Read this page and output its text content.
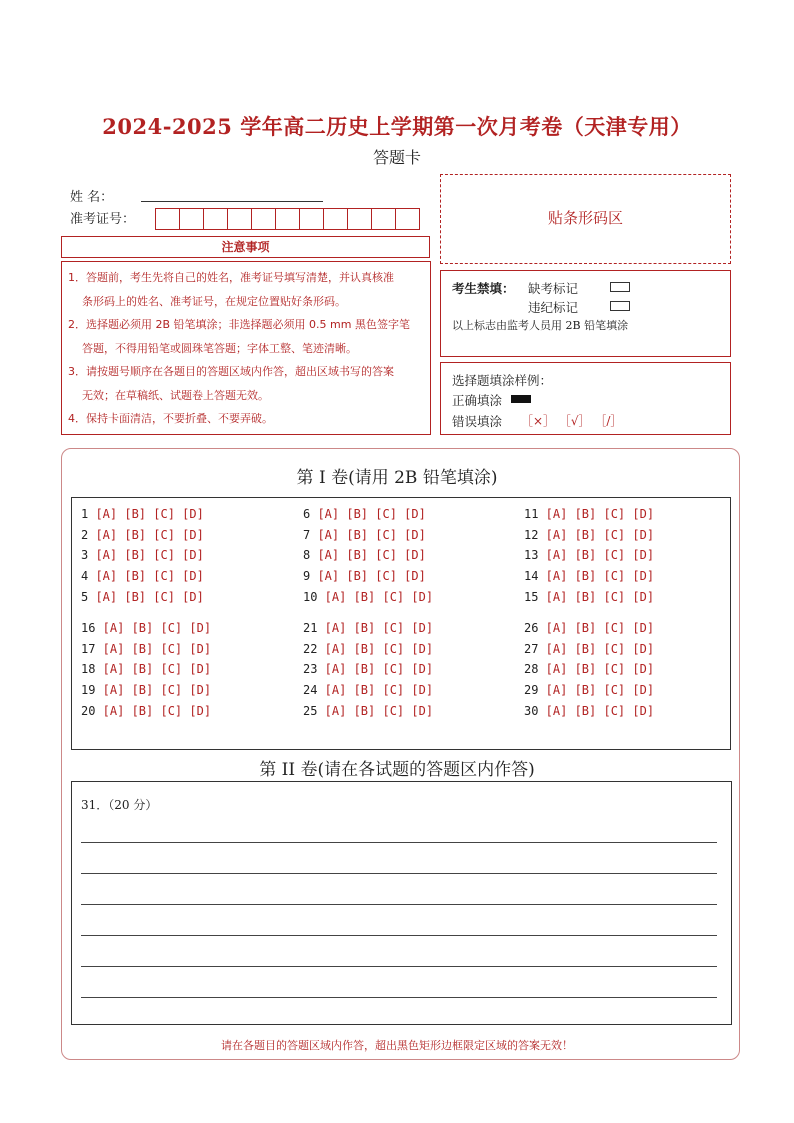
2024-2025 学年高二历史上学期第一次月考卷（天津专用）
答题卡
姓 名：
准考证号：
注意事项

1．答题前，考生先将自己的姓名，准考证号填写清楚，并认真核准

条形码上的姓名、准考证号，在规定位置贴好条形码。

2．选择题必须用 2B 铅笔填涂；非选择题必须用 0.5 mm 黑色签字笔

答题，不得用铅笔或圆珠笔答题；字体工整、笔迹清晰。

3．请按题号顺序在各题目的答题区域内作答，超出区域书写的答案

无效；在草稿纸、试题卷上答题无效。

4．保持卡面清洁，不要折叠、不要弄破。

贴条形码区
考生禁填： 缺考标记
违纪标记
以上标志由监考人员用 2B 铅笔填涂
选择题填涂样例：
正确填涂
错误填涂 ［×］ ［√］ ［/］
第 I 卷(请用 2B 铅笔填涂)
1 [A] [B] [C] [D]
2 [A] [B] [C] [D]
3 [A] [B] [C] [D]
4 [A] [B] [C] [D]
5 [A] [B] [C] [D]
6 [A] [B] [C] [D]
7 [A] [B] [C] [D]
8 [A] [B] [C] [D]
9 [A] [B] [C] [D]
10 [A] [B] [C] [D]
11 [A] [B] [C] [D]
12 [A] [B] [C] [D]
13 [A] [B] [C] [D]
14 [A] [B] [C] [D]
15 [A] [B] [C] [D]
16 [A] [B] [C] [D]
17 [A] [B] [C] [D]
18 [A] [B] [C] [D]
19 [A] [B] [C] [D]
20 [A] [B] [C] [D]
21 [A] [B] [C] [D]
22 [A] [B] [C] [D]
23 [A] [B] [C] [D]
24 [A] [B] [C] [D]
25 [A] [B] [C] [D]
26 [A] [B] [C] [D]
27 [A] [B] [C] [D]
28 [A] [B] [C] [D]
29 [A] [B] [C] [D]
30 [A] [B] [C] [D]
第 II 卷(请在各试题的答题区内作答)
31．（20 分）
请在各题目的答题区域内作答，超出黑色矩形边框限定区域的答案无效！
